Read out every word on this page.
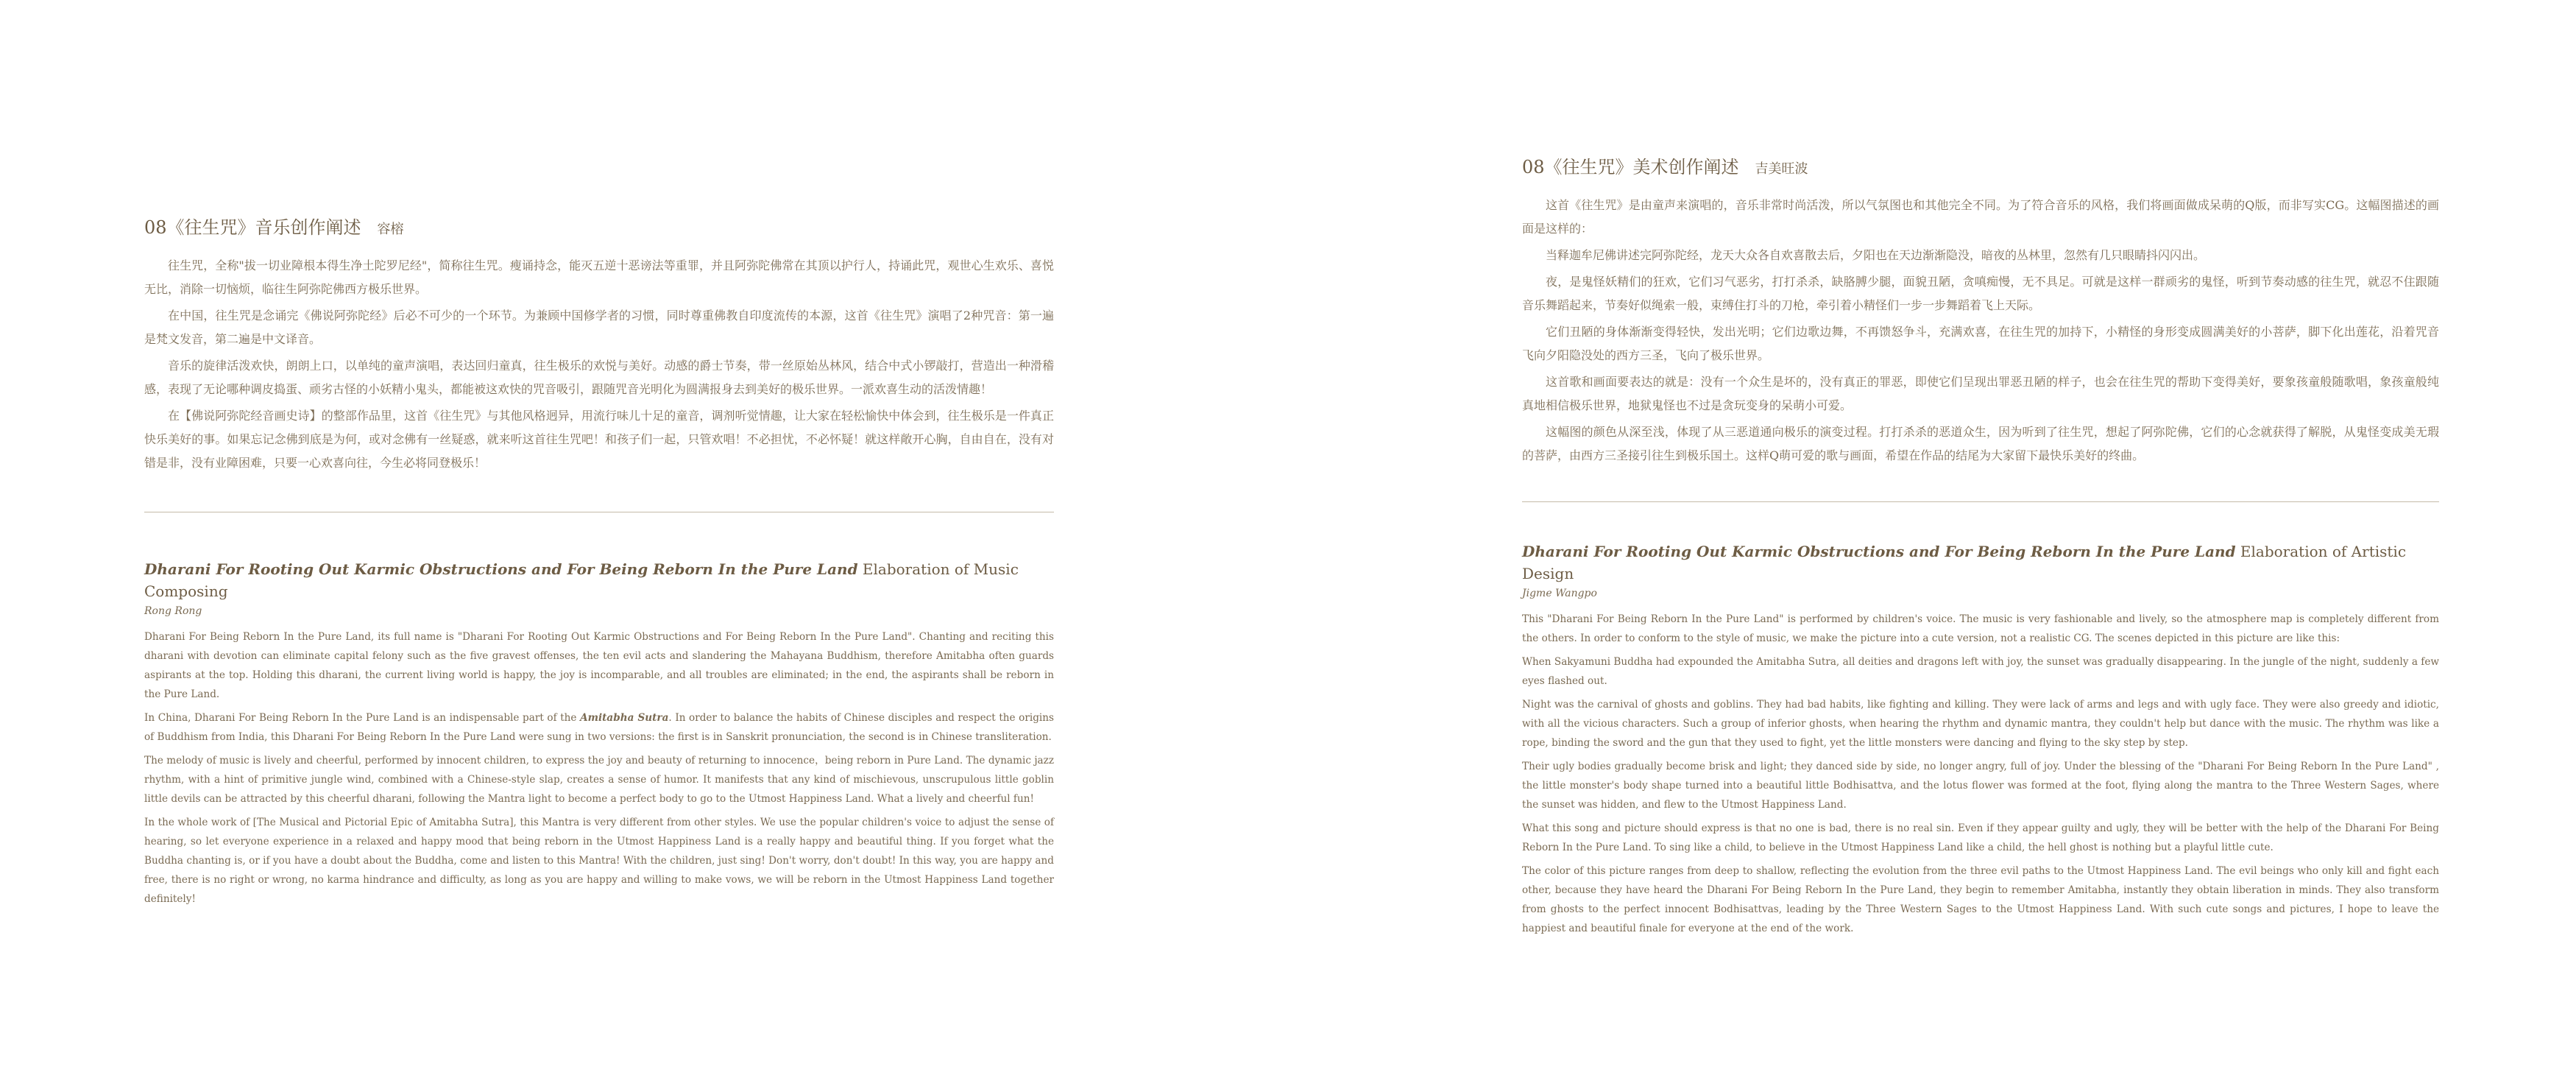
08《往生咒》音乐创作阐述 容榕

往生咒，全称"拔一切业障根本得生净土陀罗尼经"，简称往生咒。瘦诵持念，能灭五逆十恶谤法等重罪，并且阿弥陀佛常在其顶以护行人，持诵此咒，观世心生欢乐、喜悦无比，消除一切恼烦，临往生阿弥陀佛西方极乐世界。

在中国，往生咒是念诵完《佛说阿弥陀经》后必不可少的一个环节。为兼顾中国修学者的习惯，同时尊重佛教自印度流传的本源，这首《往生咒》演唱了2种咒音：第一遍是梵文发音，第二遍是中文译音。

音乐的旋律活泼欢快，朗朗上口，以单纯的童声演唱，表达回归童真，往生极乐的欢悦与美好。动感的爵士节奏，带一丝原始丛林风，结合中式小锣敲打，营造出一种滑稽感，表现了无论哪种调皮捣蛋、顽劣古怪的小妖精小鬼头，都能被这欢快的咒音吸引，跟随咒音光明化为圆满报身去到美好的极乐世界。一派欢喜生动的活泼情趣！

在【佛说阿弥陀经音画史诗】的整部作品里，这首《往生咒》与其他风格迥异，用流行味儿十足的童音，调剂听觉情趣，让大家在轻松愉快中体会到，往生极乐是一件真正快乐美好的事。如果忘记念佛到底是为何，或对念佛有一丝疑惑，就来听这首往生咒吧！和孩子们一起，只管欢唱！不必担忧，不必怀疑！就这样敞开心胸，自由自在，没有对错是非，没有业障困难，只要一心欢喜向往，今生必将同登极乐！

Dharani For Rooting Out Karmic Obstructions and For Being Reborn In the Pure Land Elaboration of Music Composing
Rong Rong

Dharani For Being Reborn In the Pure Land, its full name is "Dharani For Rooting Out Karmic Obstructions and For Being Reborn In the Pure Land". Chanting and reciting this dharani with devotion can eliminate capital felony such as the five gravest offenses, the ten evil acts and slandering the Mahayana Buddhism, therefore Amitabha often guards aspirants at the top. Holding this dharani, the current living world is happy, the joy is incomparable, and all troubles are eliminated; in the end, the aspirants shall be reborn in the Pure Land.

In China, Dharani For Being Reborn In the Pure Land is an indispensable part of the Amitabha Sutra. In order to balance the habits of Chinese disciples and respect the origins of Buddhism from India, this Dharani For Being Reborn In the Pure Land were sung in two versions: the first is in Sanskrit pronunciation, the second is in Chinese transliteration.

The melody of music is lively and cheerful, performed by innocent children, to express the joy and beauty of returning to innocence，being reborn in Pure Land. The dynamic jazz rhythm, with a hint of primitive jungle wind, combined with a Chinese-style slap, creates a sense of humor. It manifests that any kind of mischievous, unscrupulous little goblin little devils can be attracted by this cheerful dharani, following the Mantra light to become a perfect body to go to the Utmost Happiness Land. What a lively and cheerful fun!

In the whole work of [The Musical and Pictorial Epic of Amitabha Sutra], this Mantra is very different from other styles. We use the popular children's voice to adjust the sense of hearing, so let everyone experience in a relaxed and happy mood that being reborn in the Utmost Happiness Land is a really happy and beautiful thing. If you forget what the Buddha chanting is, or if you have a doubt about the Buddha, come and listen to this Mantra! With the children, just sing! Don't worry, don't doubt! In this way, you are happy and free, there is no right or wrong, no karma hindrance and difficulty, as long as you are happy and willing to make vows, we will be reborn in the Utmost Happiness Land together definitely!

08《往生咒》美术创作阐述 吉美旺波

这首《往生咒》是由童声来演唱的，音乐非常时尚活泼，所以气氛图也和其他完全不同。为了符合音乐的风格，我们将画面做成呆萌的Q版，而非写实CG。这幅图描述的画面是这样的：

当释迦牟尼佛讲述完阿弥陀经，龙天大众各自欢喜散去后，夕阳也在天边渐渐隐没，暗夜的丛林里，忽然有几只眼睛抖闪闪出。

夜，是鬼怪妖精们的狂欢，它们习气恶劣，打打杀杀，缺胳膊少腿，面貌丑陋，贪嗔痴慢，无不具足。可就是这样一群顽劣的鬼怪，听到节奏动感的往生咒，就忍不住跟随音乐舞蹈起来，节奏好似绳索一般，束缚住打斗的刀枪，牵引着小精怪们一步一步舞蹈着飞上天际。

它们丑陋的身体渐渐变得轻快，发出光明；它们边歌边舞，不再馈怒争斗，充满欢喜，在往生咒的加持下，小精怪的身形变成圆满美好的小菩萨，脚下化出莲花，沿着咒音飞向夕阳隐没处的西方三圣，飞向了极乐世界。

这首歌和画面要表达的就是：没有一个众生是坏的，没有真正的罪恶，即使它们呈现出罪恶丑陋的样子，也会在往生咒的帮助下变得美好，要象孩童般随歌唱，象孩童般纯真地相信极乐世界，地狱鬼怪也不过是贪玩变身的呆萌小可爱。

这幅图的颜色从深至浅，体现了从三恶道通向极乐的演变过程。打打杀杀的恶道众生，因为听到了往生咒，想起了阿弥陀佛，它们的心念就获得了解脱，从鬼怪变成美无瑕的菩萨，由西方三圣接引往生到极乐国土。这样Q萌可爱的歌与画面，希望在作品的结尾为大家留下最快乐美好的终曲。

Dharani For Rooting Out Karmic Obstructions and For Being Reborn In the Pure Land Elaboration of Artistic Design
Jigme Wangpo

This "Dharani For Being Reborn In the Pure Land" is performed by children's voice. The music is very fashionable and lively, so the atmosphere map is completely different from the others. In order to conform to the style of music, we make the picture into a cute version, not a realistic CG. The scenes depicted in this picture are like this:

When Sakyamuni Buddha had expounded the Amitabha Sutra, all deities and dragons left with joy, the sunset was gradually disappearing. In the jungle of the night, suddenly a few eyes flashed out.

Night was the carnival of ghosts and goblins. They had bad habits, like fighting and killing. They were lack of arms and legs and with ugly face. They were also greedy and idiotic, with all the vicious characters. Such a group of inferior ghosts, when hearing the rhythm and dynamic mantra, they couldn't help but dance with the music. The rhythm was like a rope, binding the sword and the gun that they used to fight, yet the little monsters were dancing and flying to the sky step by step.

Their ugly bodies gradually become brisk and light; they danced side by side, no longer angry, full of joy. Under the blessing of the "Dharani For Being Reborn In the Pure Land" , the little monster's body shape turned into a beautiful little Bodhisattva, and the lotus flower was formed at the foot, flying along the mantra to the Three Western Sages, where the sunset was hidden, and flew to the Utmost Happiness Land.

What this song and picture should express is that no one is bad, there is no real sin. Even if they appear guilty and ugly, they will be better with the help of the Dharani For Being Reborn In the Pure Land. To sing like a child, to believe in the Utmost Happiness Land like a child, the hell ghost is nothing but a playful little cute.

The color of this picture ranges from deep to shallow, reflecting the evolution from the three evil paths to the Utmost Happiness Land. The evil beings who only kill and fight each other, because they have heard the Dharani For Being Reborn In the Pure Land, they begin to remember Amitabha, instantly they obtain liberation in minds. They also transform from ghosts to the perfect innocent Bodhisattvas, leading by the Three Western Sages to the Utmost Happiness Land. With such cute songs and pictures, I hope to leave the happiest and beautiful finale for everyone at the end of the work.
